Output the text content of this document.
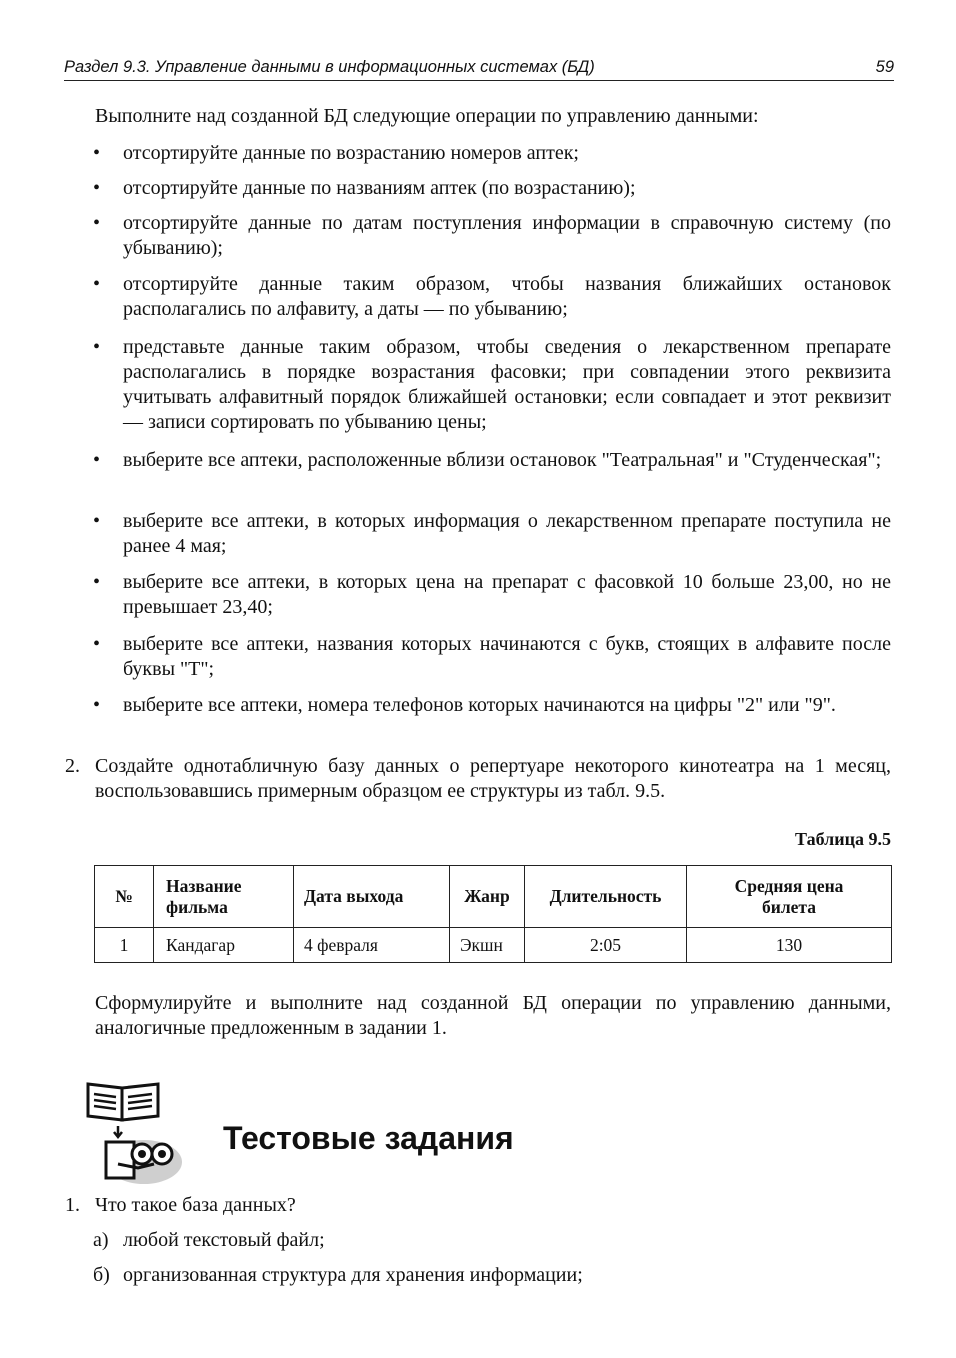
Раздел 9.3. Управление данными в информационных системах (БД)	59
Выполните над созданной БД следующие операции по управлению данными:
• отсортируйте данные по возрастанию номеров аптек;
• отсортируйте данные по названиям аптек (по возрастанию);
• отсортируйте данные по датам поступления информации в справочную систему (по убыванию);
• отсортируйте данные таким образом, чтобы названия ближайших остановок располагались по алфавиту, а даты — по убыванию;
• представьте данные таким образом, чтобы сведения о лекарственном препарате располагались в порядке возрастания фасовки; при совпадении этого реквизита учитывать алфавитный порядок ближайшей остановки; если совпадает и этот реквизит — записи сортировать по убыванию цены;
• выберите все аптеки, расположенные вблизи остановок "Театральная" и "Студенческая";
• выберите все аптеки, в которых информация о лекарственном препарате поступила не ранее 4 мая;
• выберите все аптеки, в которых цена на препарат с фасовкой 10 больше 23,00, но не превышает 23,40;
• выберите все аптеки, названия которых начинаются с букв, стоящих в алфавите после буквы "Т";
• выберите все аптеки, номера телефонов которых начинаются на цифры "2" или "9".
2. Создайте однотабличную базу данных о репертуаре некоторого кинотеатра на 1 месяц, воспользовавшись примерным образцом ее структуры из табл. 9.5.
Таблица 9.5
№	Название фильма	Дата выхода	Жанр	Длительность	Средняя цена билета
1	Кандагар	4 февраля	Экшн	2:05	130
Сформулируйте и выполните над созданной БД операции по управлению данными, аналогичные предложенным в задании 1.
Тестовые задания
1. Что такое база данных?
а) любой текстовый файл;
б) организованная структура для хранения информации;
